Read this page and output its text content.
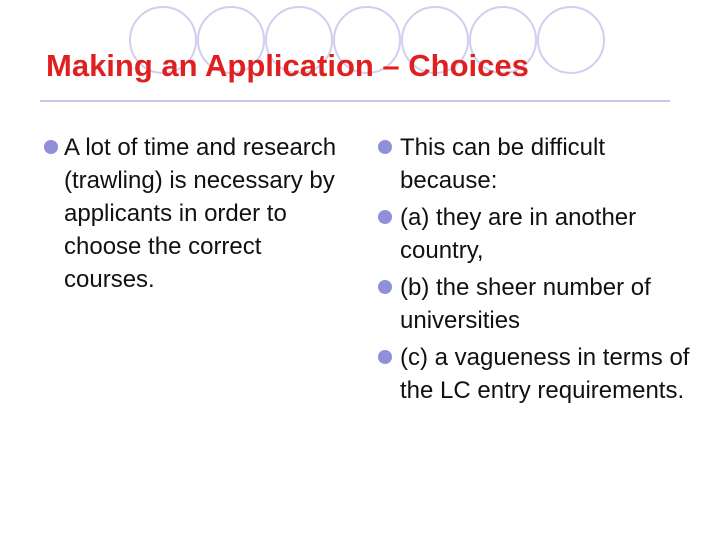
Making an Application – Choices
A lot of time and research (trawling) is necessary by applicants in order to choose the correct courses.
This can be difficult because:
(a) they are in another country,
(b) the sheer number of universities
(c) a vagueness in terms of the LC entry requirements.
